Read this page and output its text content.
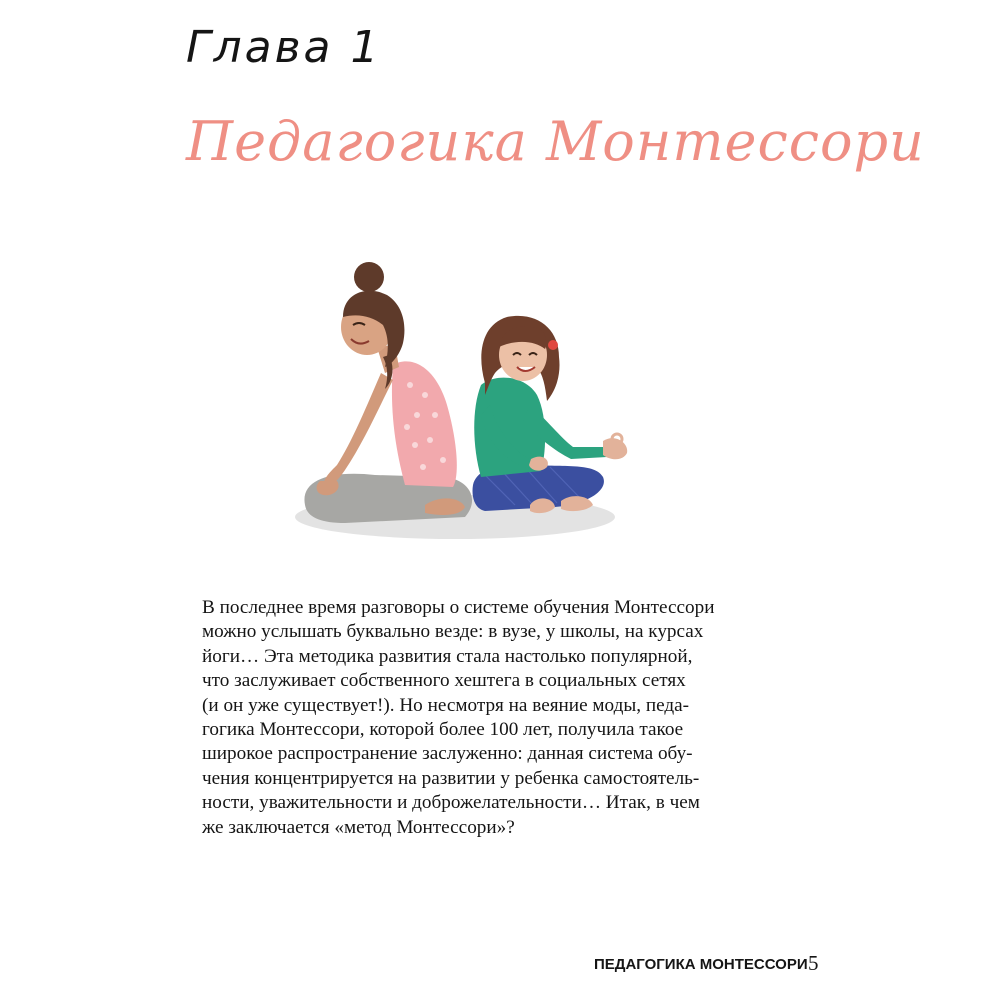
Глава 1
Педагогика Монтессори
В последнее время разговоры о системе обучения Монтессори
можно услышать буквально везде: в вузе, у школы, на курсах
йоги… Эта методика развития стала настолько популярной,
что заслуживает собственного хештега в социальных сетях
(и он уже существует!). Но несмотря на веяние моды, педа-
гогика Монтессори, которой более 100 лет, получила такое
широкое распространение заслуженно: данная система обу-
чения концентрируется на развитии у ребенка самостоятель-
ности, уважительности и доброжелательности… Итак, в чем
же заключается «метод Монтессори»?
ПЕДАГОГИКА МОНТЕССОРИ 5
